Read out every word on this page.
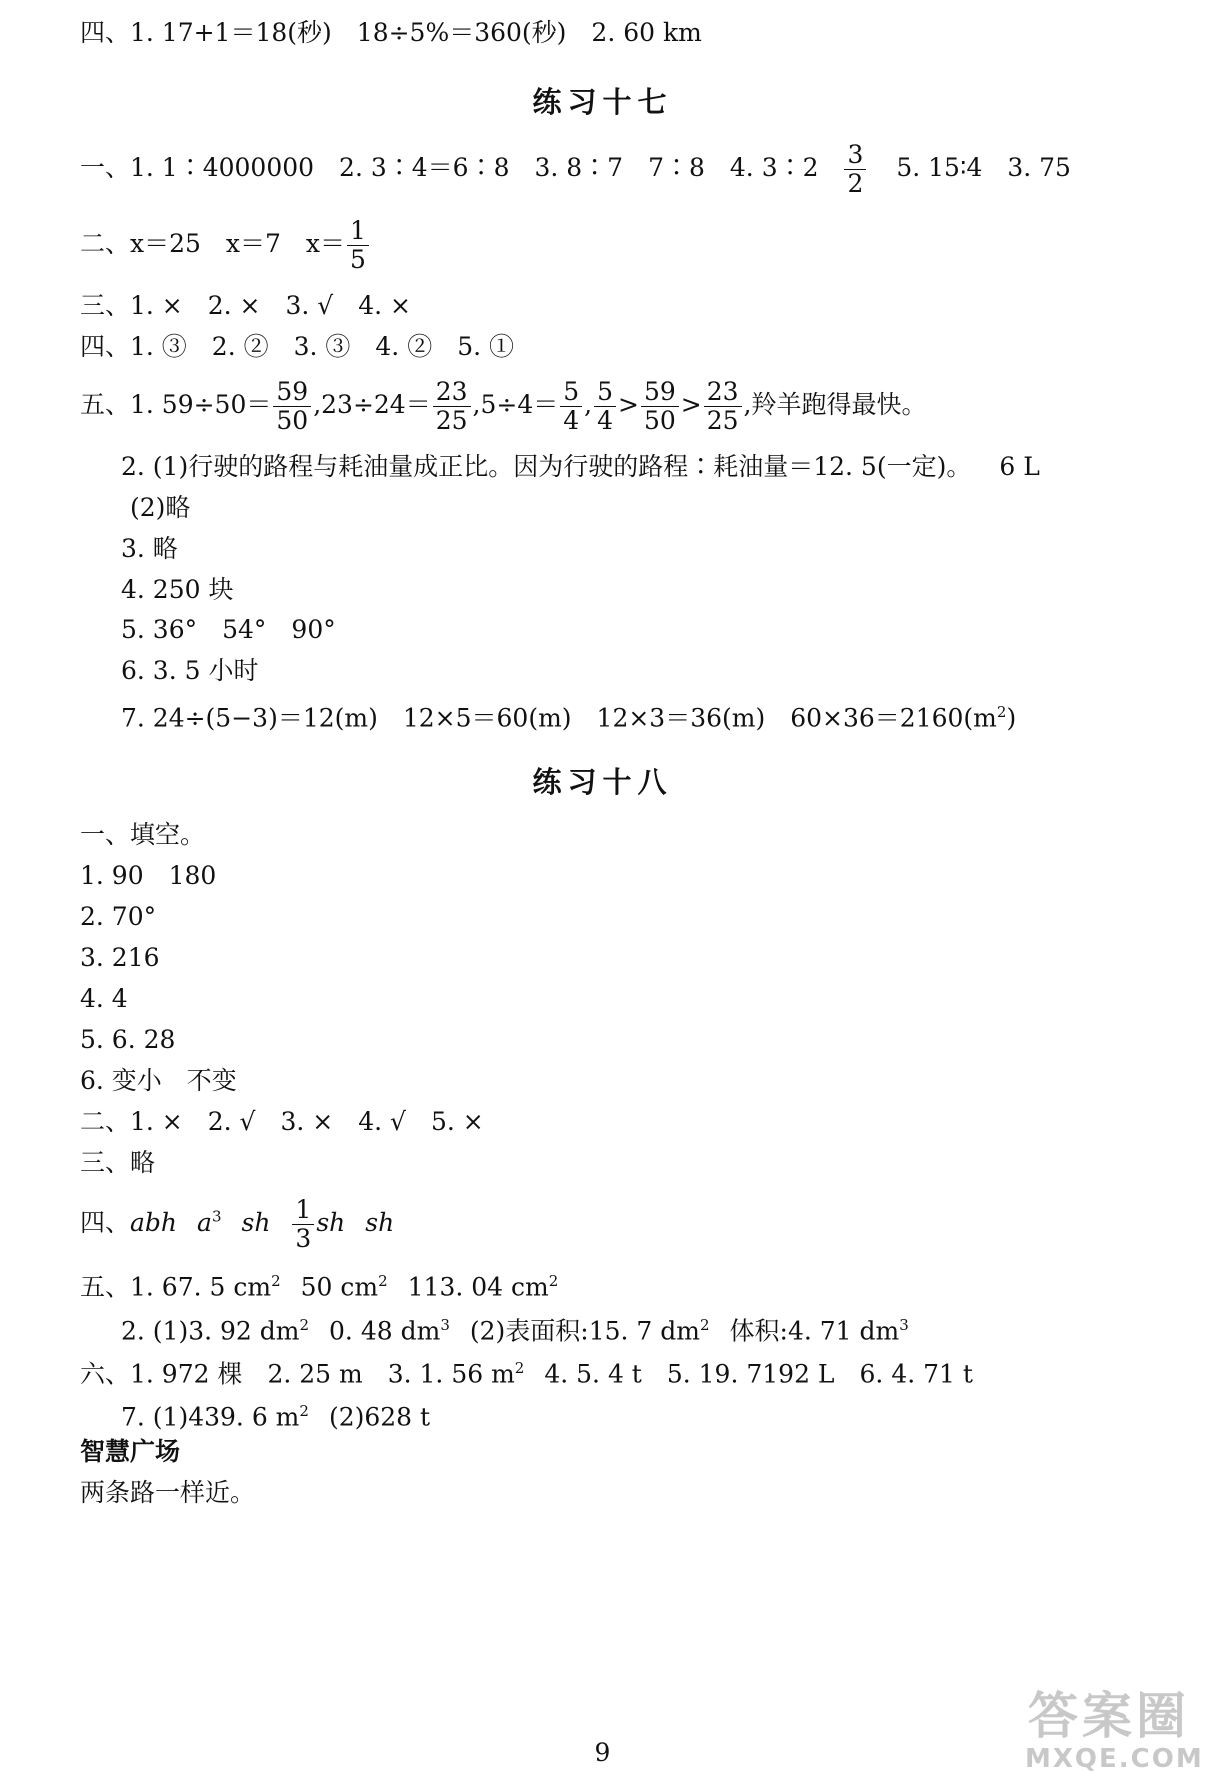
四、1. 17+1＝18(秒)　18÷5%＝360(秒)　2. 60 km
练习十七
一、1. 1∶4000000　2. 3∶4＝6∶8　3. 8∶7　7∶8　4. 3∶2 $\frac{3}{2} 5$. 15∶4　3. 75
二、x＝25　x＝7　$x= \frac{1}{5}$
三、1. ×　2. ×　3. √　4. ×
四、1. ③　2. ②　3. ③　4. ②　5. ①
五、1. $59\div 50= \frac{59}{50} ,23\div 24= \frac{23}{25} ,5\div 4= \frac{5}{4}$ , $\frac{5}{4} > \frac{59}{50} > \frac{23}{25}$ ,羚羊跑得最快。
2. (1)行驶的路程与耗油量成正比。因为行驶的路程∶耗油量＝12. 5(一定)。 6 L
(2)略
3. 略
4. 250 块
5. 36°　54°　90°
6. 3. 5 小时
7. 24÷(5−3)＝12(m)　12×5＝60(m)　12×3＝36(m)　$60\times 36=2160(m^2)$
练习十八
一、填空。
1. 90　180
2. 70°
3. 216
4. 4
5. 6. 28
6. 变小　不变
二、1. ×　2. √　3. ×　4. √　5. ×
三、略
四、abh $a^3$ sh $\frac{1}{3}$ sh sh
五、1. 67. 5 $cm^2$ 50 $cm^2$ 113. 04 $cm^2$
2. (1)3. 92 $dm^2$ 0. 48 $dm^3$ (2)表面积:15. 7 $dm^2$ 体积:4. 71 $dm^3$
六、1. 972 棵　2. 25 m　3. 1. 56 $m^2$ 4. 5. 4 t　5. 19. 7192 L　6. 4. 71 t
7. (1)439. 6 $m^2$ (2)628 t
智慧广场
两条路一样近。
9
答案圈
MXQE.COM
